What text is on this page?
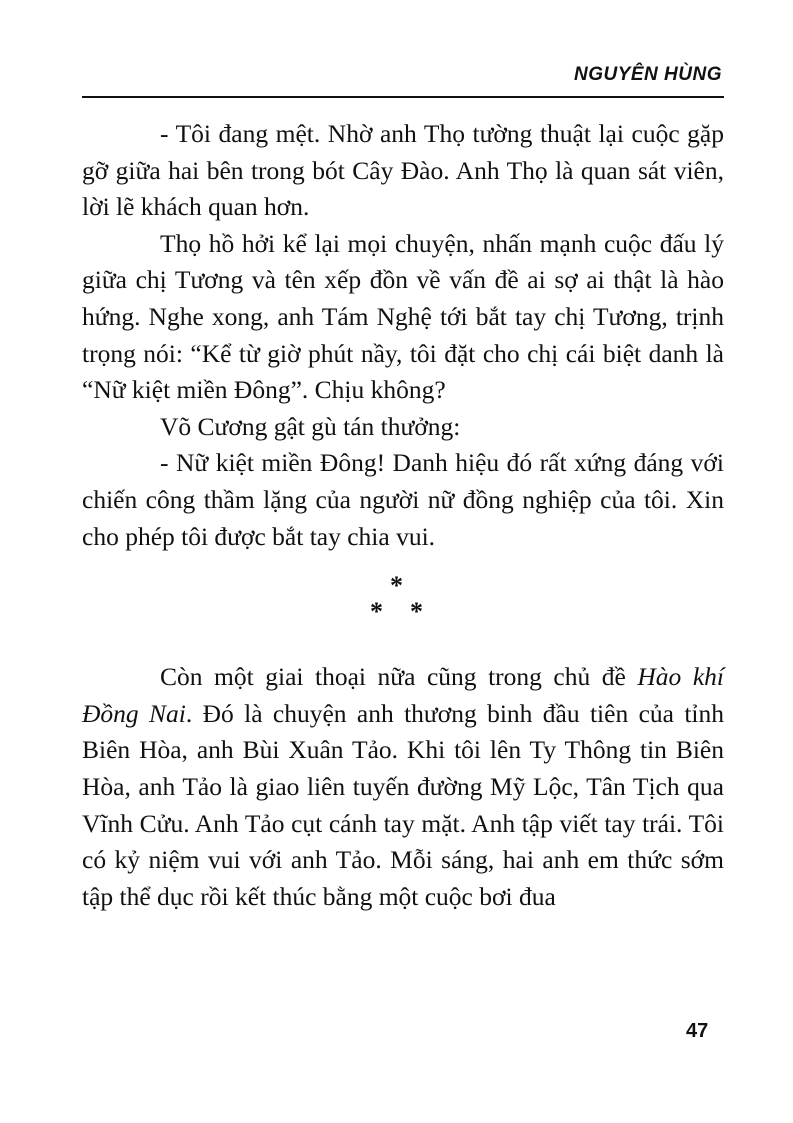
NGUYÊN HÙNG

- Tôi đang mệt. Nhờ anh Thọ tường thuật lại cuộc gặp gỡ giữa hai bên trong bót Cây Đào. Anh Thọ là quan sát viên, lời lẽ khách quan hơn.

Thọ hồ hởi kể lại mọi chuyện, nhấn mạnh cuộc đấu lý giữa chị Tương và tên xếp đồn về vấn đề ai sợ ai thật là hào hứng. Nghe xong, anh Tám Nghệ tới bắt tay chị Tương, trịnh trọng nói: “Kể từ giờ phút nầy, tôi đặt cho chị cái biệt danh là “Nữ kiệt miền Đông”. Chịu không?

Võ Cương gật gù tán thưởng:

- Nữ kiệt miền Đông! Danh hiệu đó rất xứng đáng với chiến công thầm lặng của người nữ đồng nghiệp của tôi. Xin cho phép tôi được bắt tay chia vui.

*
* *

Còn một giai thoại nữa cũng trong chủ đề Hào khí Đồng Nai. Đó là chuyện anh thương binh đầu tiên của tỉnh Biên Hòa, anh Bùi Xuân Tảo. Khi tôi lên Ty Thông tin Biên Hòa, anh Tảo là giao liên tuyến đường Mỹ Lộc, Tân Tịch qua Vĩnh Cửu. Anh Tảo cụt cánh tay mặt. Anh tập viết tay trái. Tôi có kỷ niệm vui với anh Tảo. Mỗi sáng, hai anh em thức sớm tập thể dục rồi kết thúc bằng một cuộc bơi đua

47
